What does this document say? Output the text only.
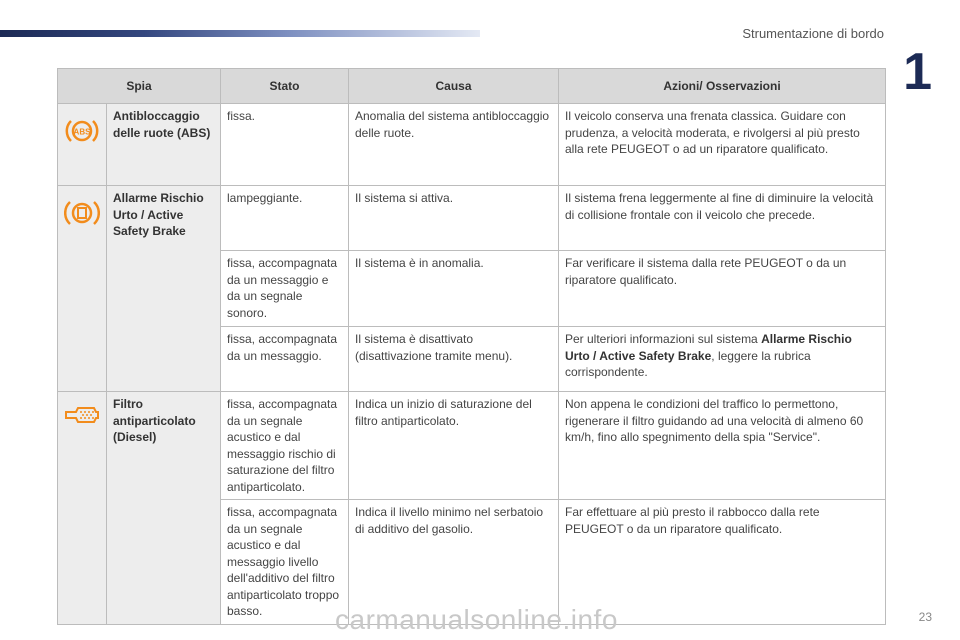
Strumentazione di bordo
1
Spia		Stato	Causa	Azioni/ Osservazioni

ABS	Antibloccaggio delle ruote (ABS)	fissa.	Anomalia del sistema antibloccaggio delle ruote.	Il veicolo conserva una frenata classica. Guidare con prudenza, a velocità moderata, e rivolgersi al più presto alla rete PEUGEOT o ad un riparatore qualificato.
	Allarme Rischio Urto / Active Safety Brake	lampeggiante.	Il sistema si attiva.	Il sistema frena leggermente al fine di diminuire la velocità di collisione frontale con il veicolo che precede.
		fissa, accompagnata da un messaggio e da un segnale sonoro.	Il sistema è in anomalia.	Far verificare il sistema dalla rete PEUGEOT o da un riparatore qualificato.
		fissa, accompagnata da un messaggio.	Il sistema è disattivato (disattivazione tramite menu).	Per ulteriori informazioni sul sistema Allarme Rischio Urto / Active Safety Brake, leggere la rubrica corrispondente.
	Filtro antiparticolato (Diesel)	fissa, accompagnata da un segnale acustico e dal messaggio rischio di saturazione del filtro antiparticolato.	Indica un inizio di saturazione del filtro antiparticolato.	Non appena le condizioni del traffico lo permettono, rigenerare il filtro guidando ad una velocità di almeno 60 km/h, fino allo spegnimento della spia "Service".
		fissa, accompagnata da un segnale acustico e dal messaggio livello dell'additivo del filtro antiparticolato troppo basso.	Indica il livello minimo nel serbatoio di additivo del gasolio.	Far effettuare al più presto il rabbocco dalla rete PEUGEOT o da un riparatore qualificato.
carmanualsonline.info	23
